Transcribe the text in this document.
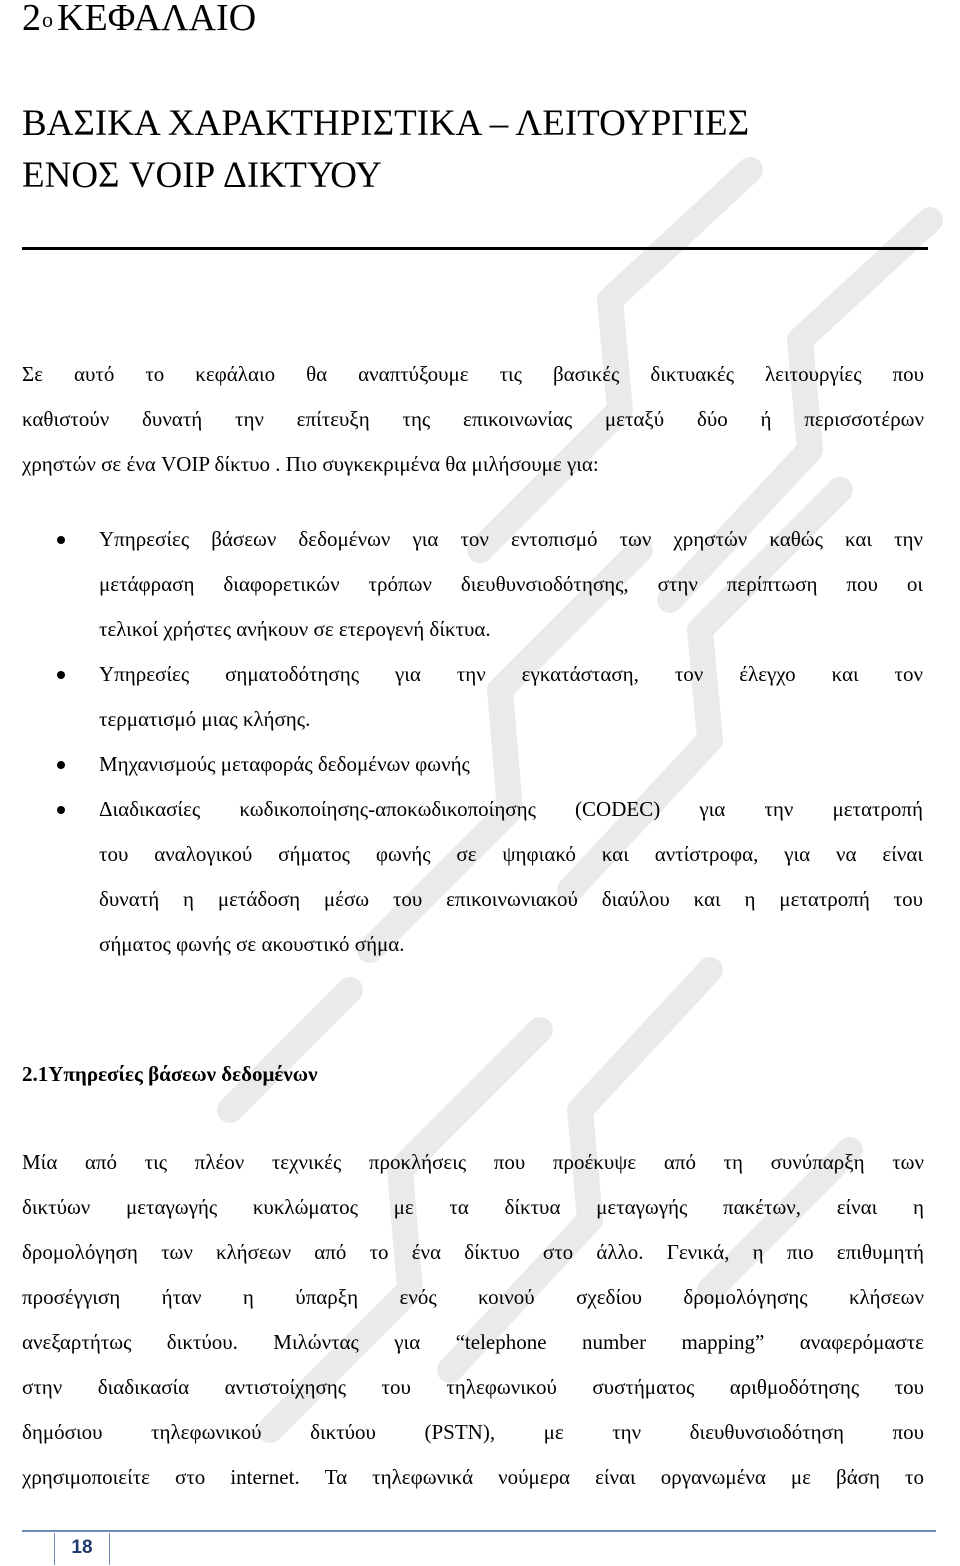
$2^o$ ΚΕΦΑΛΑΙΟ
ΒΑΣΙΚΑ ΧΑΡΑΚΤΗΡΙΣΤΙΚΑ – ΛΕΙΤΟΥΡΓΙΕΣ
ΕΝΟΣ VOIP ΔΙΚΤΥΟΥ

Σε αυτό το κεφάλαιο θα αναπτύξουμε τις βασικές δικτυακές λειτουργίες που
καθιστούν δυνατή την επίτευξη της επικοινωνίας μεταξύ δύο ή περισσοτέρων
χρηστών σε ένα VOIP δίκτυο . Πιο συγκεκριμένα θα μιλήσουμε για:

Υπηρεσίες βάσεων δεδομένων για τον εντοπισμό των χρηστών καθώς και την
μετάφραση διαφορετικών τρόπων διευθυνσιοδότησης, στην περίπτωση που οι
τελικοί χρήστες ανήκουν σε ετερογενή δίκτυα.
Υπηρεσίες σηματοδότησης για την εγκατάσταση, τον έλεγχο και τον
τερματισμό μιας κλήσης.
Μηχανισμούς μεταφοράς δεδομένων φωνής
Διαδικασίες κωδικοποίησης-αποκωδικοποίησης (CODEC) για την μετατροπή
του αναλογικού σήματος φωνής σε ψηφιακό και αντίστροφα, για να είναι
δυνατή η μετάδοση μέσω του επικοινωνιακού διαύλου και η μετατροπή του
σήματος φωνής σε ακουστικό σήμα.
2.1Υπηρεσίες βάσεων δεδομένων

Μία από τις πλέον τεχνικές προκλήσεις που προέκυψε από τη συνύπαρξη των
δικτύων μεταγωγής κυκλώματος με τα δίκτυα μεταγωγής πακέτων, είναι η
δρομολόγηση των κλήσεων από το ένα δίκτυο στο άλλο. Γενικά, η πιο επιθυμητή
προσέγγιση ήταν η ύπαρξη ενός κοινού σχεδίου δρομολόγησης κλήσεων
ανεξαρτήτως δικτύου. Μιλώντας για “telephone number mapping” αναφερόμαστε
στην διαδικασία αντιστοίχησης του τηλεφωνικού συστήματος αριθμοδότησης του
δημόσιου τηλεφωνικού δικτύου (PSTN), με την διευθυνσιοδότηση που
χρησιμοποιείτε στο internet. Τα τηλεφωνικά νούμερα είναι οργανωμένα με βάση το

18
